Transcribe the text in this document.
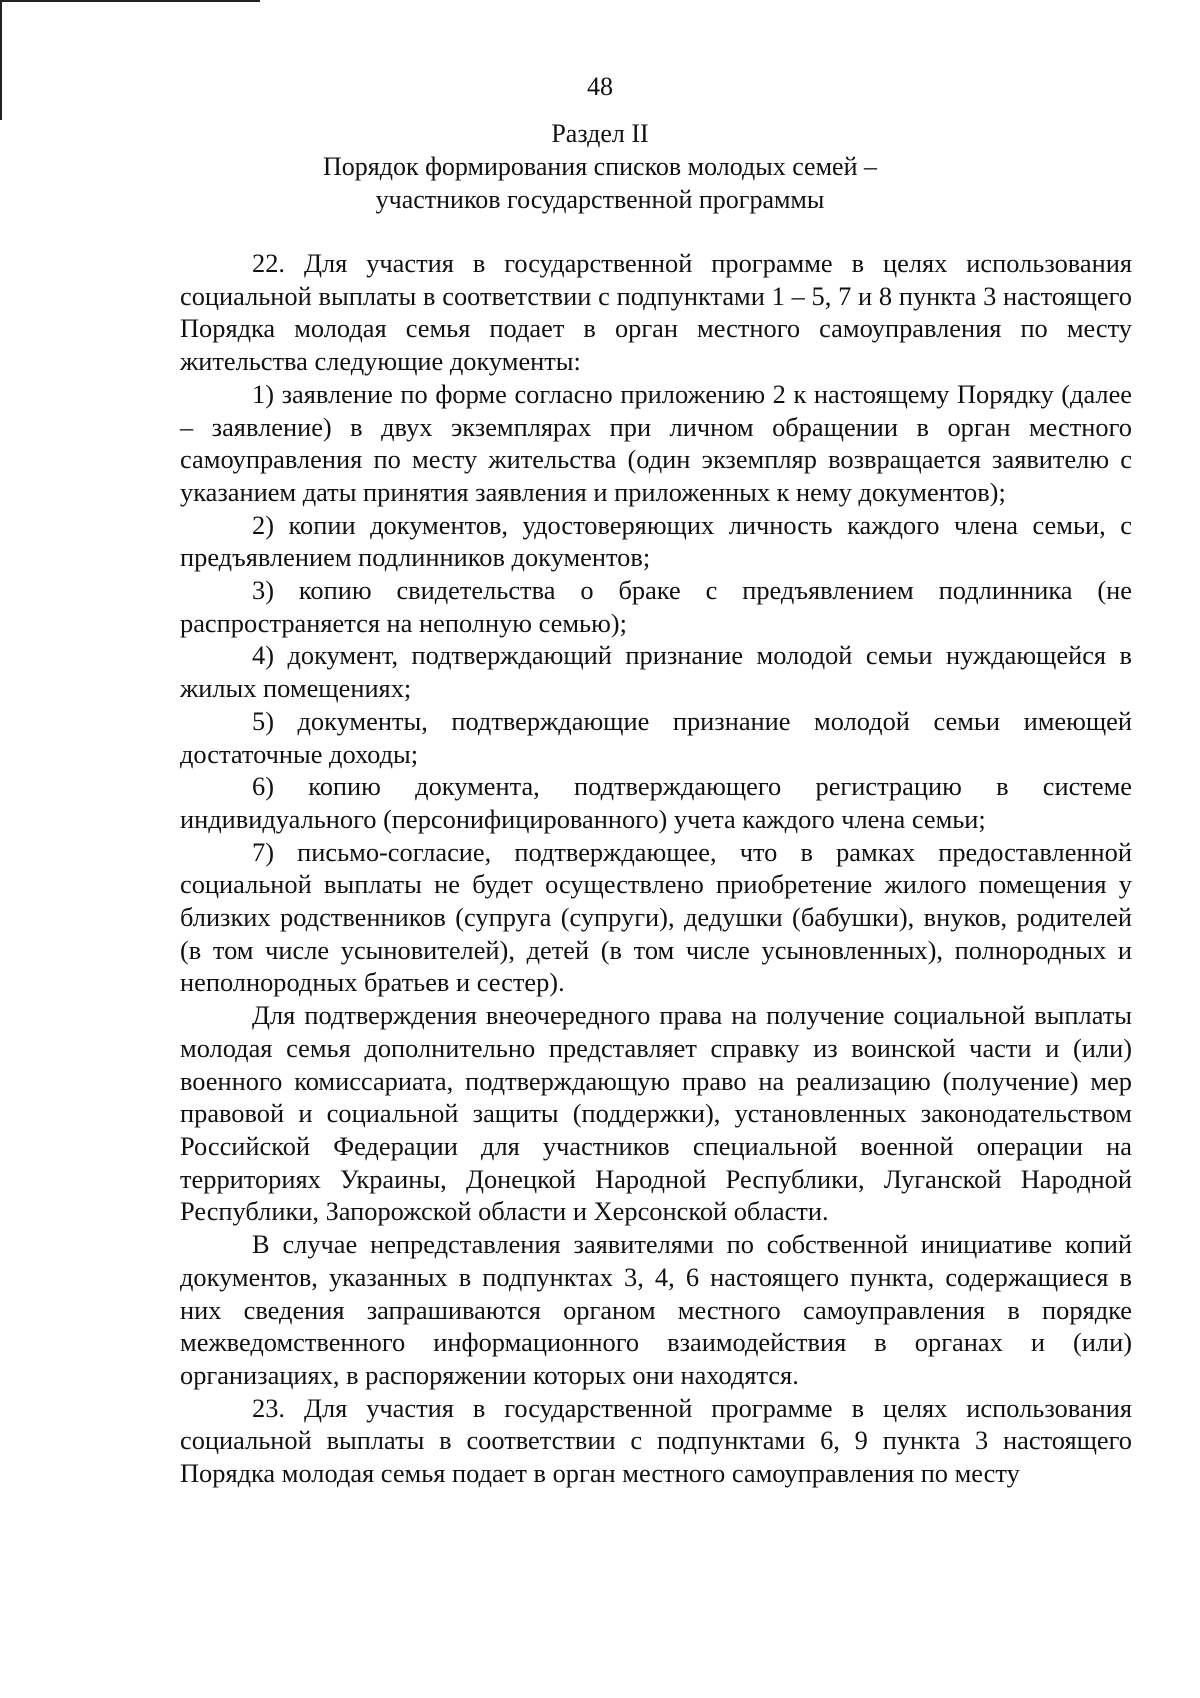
48
Раздел II
Порядок формирования списков молодых семей –
участников государственной программы

22. Для участия в государственной программе в целях использования социальной выплаты в соответствии с подпунктами 1 – 5, 7 и 8 пункта 3 настоящего Порядка молодая семья подает в орган местного самоуправления по месту жительства следующие документы:

1) заявление по форме согласно приложению 2 к настоящему Порядку (далее – заявление) в двух экземплярах при личном обращении в орган местного самоуправления по месту жительства (один экземпляр возвращается заявителю с указанием даты принятия заявления и приложенных к нему документов);

2) копии документов, удостоверяющих личность каждого члена семьи, с предъявлением подлинников документов;

3) копию свидетельства о браке с предъявлением подлинника (не распространяется на неполную семью);

4) документ, подтверждающий признание молодой семьи нуждающейся в жилых помещениях;

5) документы, подтверждающие признание молодой семьи имеющей достаточные доходы;

6) копию документа, подтверждающего регистрацию в системе индивидуального (персонифицированного) учета каждого члена семьи;

7) письмо-согласие, подтверждающее, что в рамках предоставленной социальной выплаты не будет осуществлено приобретение жилого помещения у близких родственников (супруга (супруги), дедушки (бабушки), внуков, родителей (в том числе усыновителей), детей (в том числе усыновленных), полнородных и неполнородных братьев и сестер).

Для подтверждения внеочередного права на получение социальной выплаты молодая семья дополнительно представляет справку из воинской части и (или) военного комиссариата, подтверждающую право на реализацию (получение) мер правовой и социальной защиты (поддержки), установленных законодательством Российской Федерации для участников специальной военной операции на территориях Украины, Донецкой Народной Республики, Луганской Народной Республики, Запорожской области и Херсонской области.

В случае непредставления заявителями по собственной инициативе копий документов, указанных в подпунктах 3, 4, 6 настоящего пункта, содержащиеся в них сведения запрашиваются органом местного самоуправления в порядке межведомственного информационного взаимодействия в органах и (или) организациях, в распоряжении которых они находятся.

23. Для участия в государственной программе в целях использования социальной выплаты в соответствии с подпунктами 6, 9 пункта 3 настоящего Порядка молодая семья подает в орган местного самоуправления по месту
